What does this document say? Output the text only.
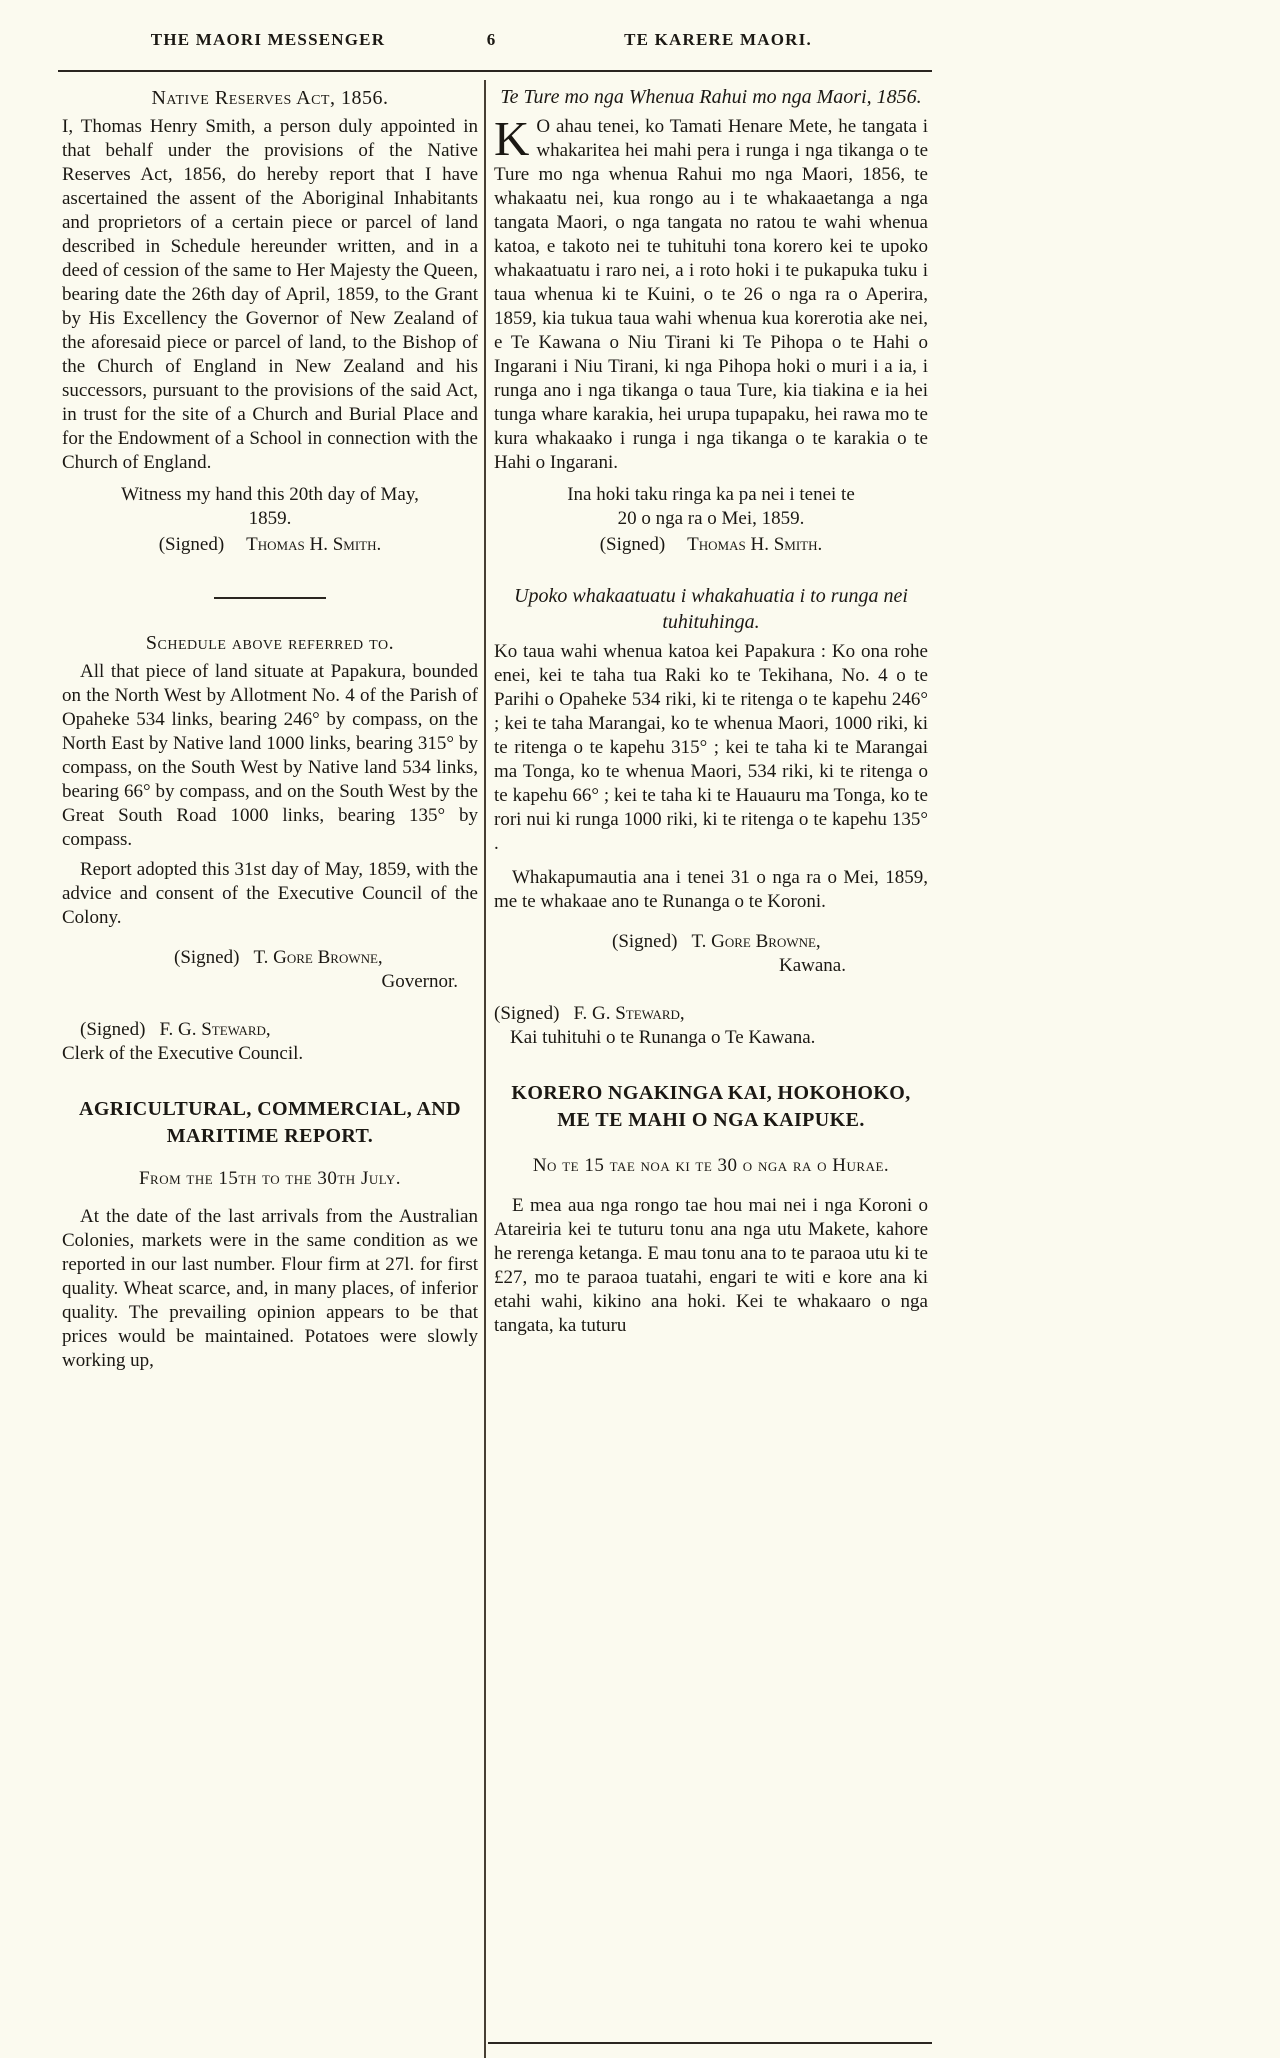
THE MAORI MESSENGER	6	TE KARERE MAORI.
Native Reserves Act, 1856.

I, Thomas Henry Smith, a person duly appointed in that behalf under the provisions of the Native Reserves Act, 1856, do hereby report that I have ascertained the assent of the Aboriginal Inhabitants and proprietors of a certain piece or parcel of land described in Schedule hereunder written, and in a deed of cession of the same to Her Majesty the Queen, bearing date the 26th day of April, 1859, to the Grant by His Excellency the Governor of New Zealand of the aforesaid piece or parcel of land, to the Bishop of the Church of England in New Zealand and his successors, pursuant to the provisions of the said Act, in trust for the site of a Church and Burial Place and for the Endowment of a School in connection with the Church of England.

Witness my hand this 20th day of May, 1859.

(Signed) Thomas H. Smith.

Schedule above referred to.

All that piece of land situate at Papakura, bounded on the North West by Allotment No. 4 of the Parish of Opaheke 534 links, bearing 246° by compass, on the North East by Native land 1000 links, bearing 315° by compass, on the South West by Native land 534 links, bearing 66° by compass, and on the South West by the Great South Road 1000 links, bearing 135° by compass.

Report adopted this 31st day of May, 1859, with the advice and consent of the Executive Council of the Colony.

(Signed) T. Gore Browne,

Governor.

(Signed) F. G. Steward,

Clerk of the Executive Council.

AGRICULTURAL, COMMERCIAL, AND
MARITIME REPORT.

From the 15th to the 30th July.

At the date of the last arrivals from the Australian Colonies, markets were in the same condition as we reported in our last number. Flour firm at 27l. for first quality. Wheat scarce, and, in many places, of inferior quality. The prevailing opinion appears to be that prices would be maintained. Potatoes were slowly working up,

Te Ture mo nga Whenua Rahui mo nga Maori, 1856.

K O ahau tenei, ko Tamati Henare Mete, he tangata i whakaritea hei mahi pera i runga i nga tikanga o te Ture mo nga whenua Rahui mo nga Maori, 1856, te whakaatu nei, kua rongo au i te whakaaetanga a nga tangata Maori, o nga tangata no ratou te wahi whenua katoa, e takoto nei te tuhituhi tona korero kei te upoko whakaatuatu i raro nei, a i roto hoki i te pukapuka tuku i taua whenua ki te Kuini, o te 26 o nga ra o Aperira, 1859, kia tukua taua wahi whenua kua korerotia ake nei, e Te Kawana o Niu Tirani ki Te Pihopa o te Hahi o Ingarani i Niu Tirani, ki nga Pihopa hoki o muri i a ia, i runga ano i nga tikanga o taua Ture, kia tiakina e ia hei tunga whare karakia, hei urupa tupapaku, hei rawa mo te kura whakaako i runga i nga tikanga o te karakia o te Hahi o Ingarani.

Ina hoki taku ringa ka pa nei i tenei te 20 o nga ra o Mei, 1859.

(Signed) Thomas H. Smith.

Upoko whakaatuatu i whakahuatia i to runga nei tuhituhinga.

Ko taua wahi whenua katoa kei Papakura : Ko ona rohe enei, kei te taha tua Raki ko te Tekihana, No. 4 o te Parihi o Opaheke 534 riki, ki te ritenga o te kapehu 246° ; kei te taha Marangai, ko te whenua Maori, 1000 riki, ki te ritenga o te kapehu 315° ; kei te taha ki te Marangai ma Tonga, ko te whenua Maori, 534 riki, ki te ritenga o te kapehu 66° ; kei te taha ki te Hauauru ma Tonga, ko te rori nui ki runga 1000 riki, ki te ritenga o te kapehu 135° .

Whakapumautia ana i tenei 31 o nga ra o Mei, 1859, me te whakaae ano te Runanga o te Koroni.

(Signed) T. Gore Browne,

Kawana.

(Signed) F. G. Steward,

Kai tuhituhi o te Runanga o Te Kawana.

KORERO NGAKINGA KAI, HOKOHOKO,
ME TE MAHI O NGA KAIPUKE.

No te 15 tae noa ki te 30 o nga ra o Hurae.

E mea aua nga rongo tae hou mai nei i nga Koroni o Atareiria kei te tuturu tonu ana nga utu Makete, kahore he rerenga ketanga. E mau tonu ana to te paraoa utu ki te £27, mo te paraoa tuatahi, engari te witi e kore ana ki etahi wahi, kikino ana hoki. Kei te whakaaro o nga tangata, ka tuturu
